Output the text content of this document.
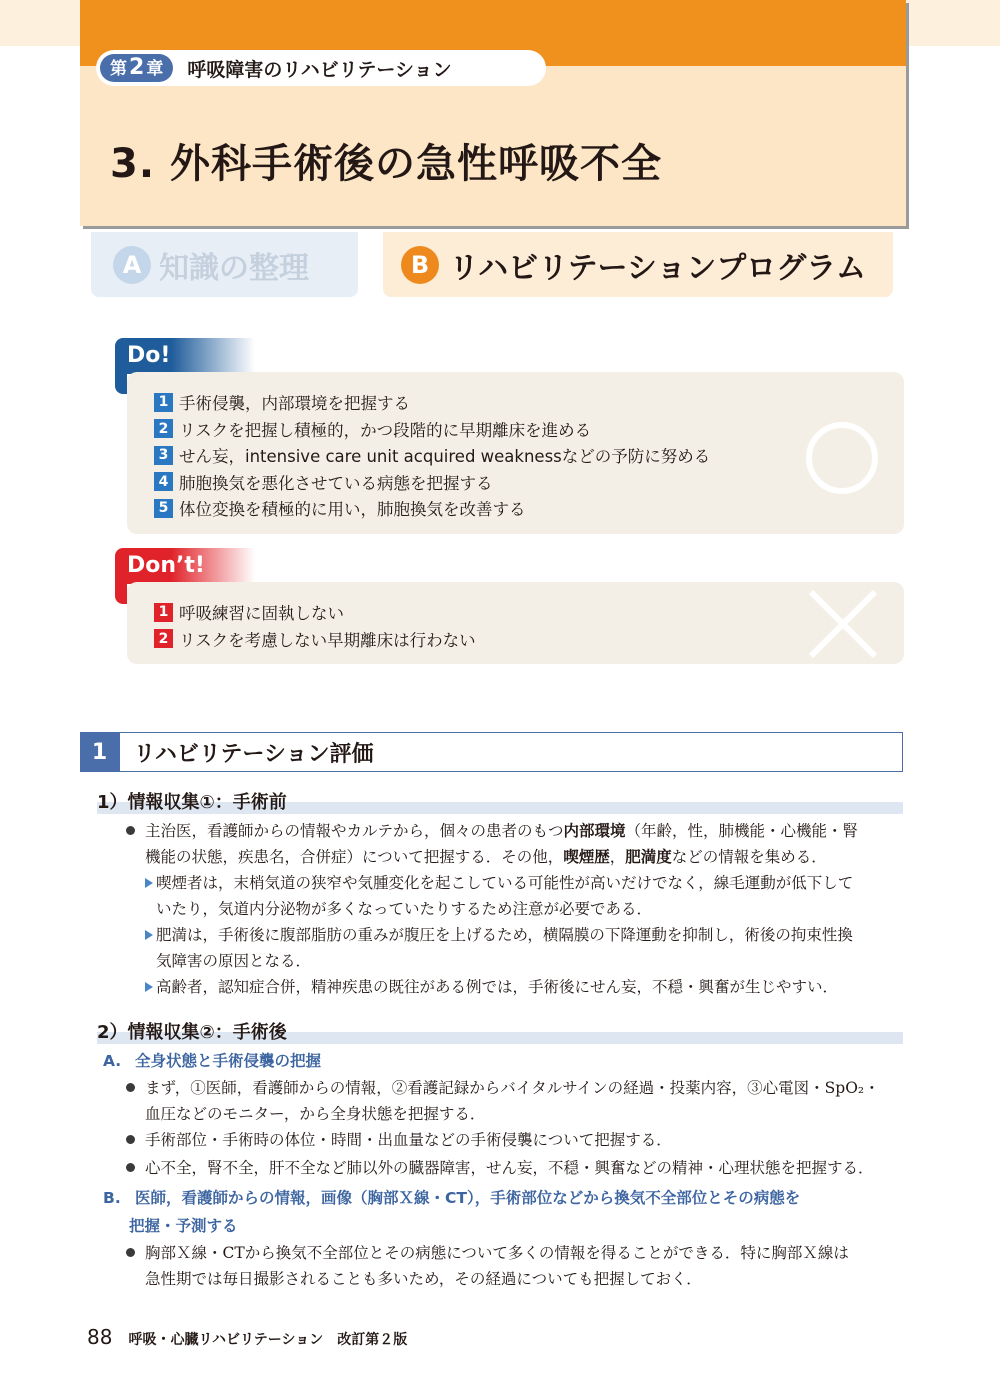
第 2 章 呼吸障害のリハビリテーション
3. 外科手術後の急性呼吸不全
A 知識の整理	B リハビリテーションプログラム
Do!
1 手術侵襲，内部環境を把握する
2 リスクを把握し積極的，かつ段階的に早期離床を進める
3 せん妄，intensive care unit acquired weaknessなどの予防に努める
4 肺胞換気を悪化させている病態を把握する
5 体位変換を積極的に用い，肺胞換気を改善する
Don’t!
1 呼吸練習に固執しない
2 リスクを考慮しない早期離床は行わない
1	リハビリテーション評価
1）情報収集①：手術前
主治医，看護師からの情報やカルテから，個々の患者のもつ内部環境（年齢，性，肺機能・心機能・腎
機能の状態，疾患名，合併症）について把握する．その他，喫煙歴，肥満度などの情報を集める．
喫煙者は，末梢気道の狭窄や気腫変化を起こしている可能性が高いだけでなく，線毛運動が低下して
いたり，気道内分泌物が多くなっていたりするため注意が必要である．
肥満は，手術後に腹部脂肪の重みが腹圧を上げるため，横隔膜の下降運動を抑制し，術後の拘束性換
気障害の原因となる．
高齢者，認知症合併，精神疾患の既往がある例では，手術後にせん妄，不穏・興奮が生じやすい．
2）情報収集②：手術後
A. 全身状態と手術侵襲の把握
まず，①医師，看護師からの情報，②看護記録からバイタルサインの経過・投薬内容，③心電図・SpO₂・
血圧などのモニター，から全身状態を把握する．
手術部位・手術時の体位・時間・出血量などの手術侵襲について把握する．
心不全，腎不全，肝不全など肺以外の臓器障害，せん妄，不穏・興奮などの精神・心理状態を把握する．
B. 医師，看護師からの情報，画像（胸部Ｘ線・CT），手術部位などから換気不全部位とその病態を
把握・予測する
胸部Ｘ線・CTから換気不全部位とその病態について多くの情報を得ることができる．特に胸部Ｘ線は
急性期では毎日撮影されることも多いため，その経過についても把握しておく．
88 呼吸・心臓リハビリテーション　改訂第２版
